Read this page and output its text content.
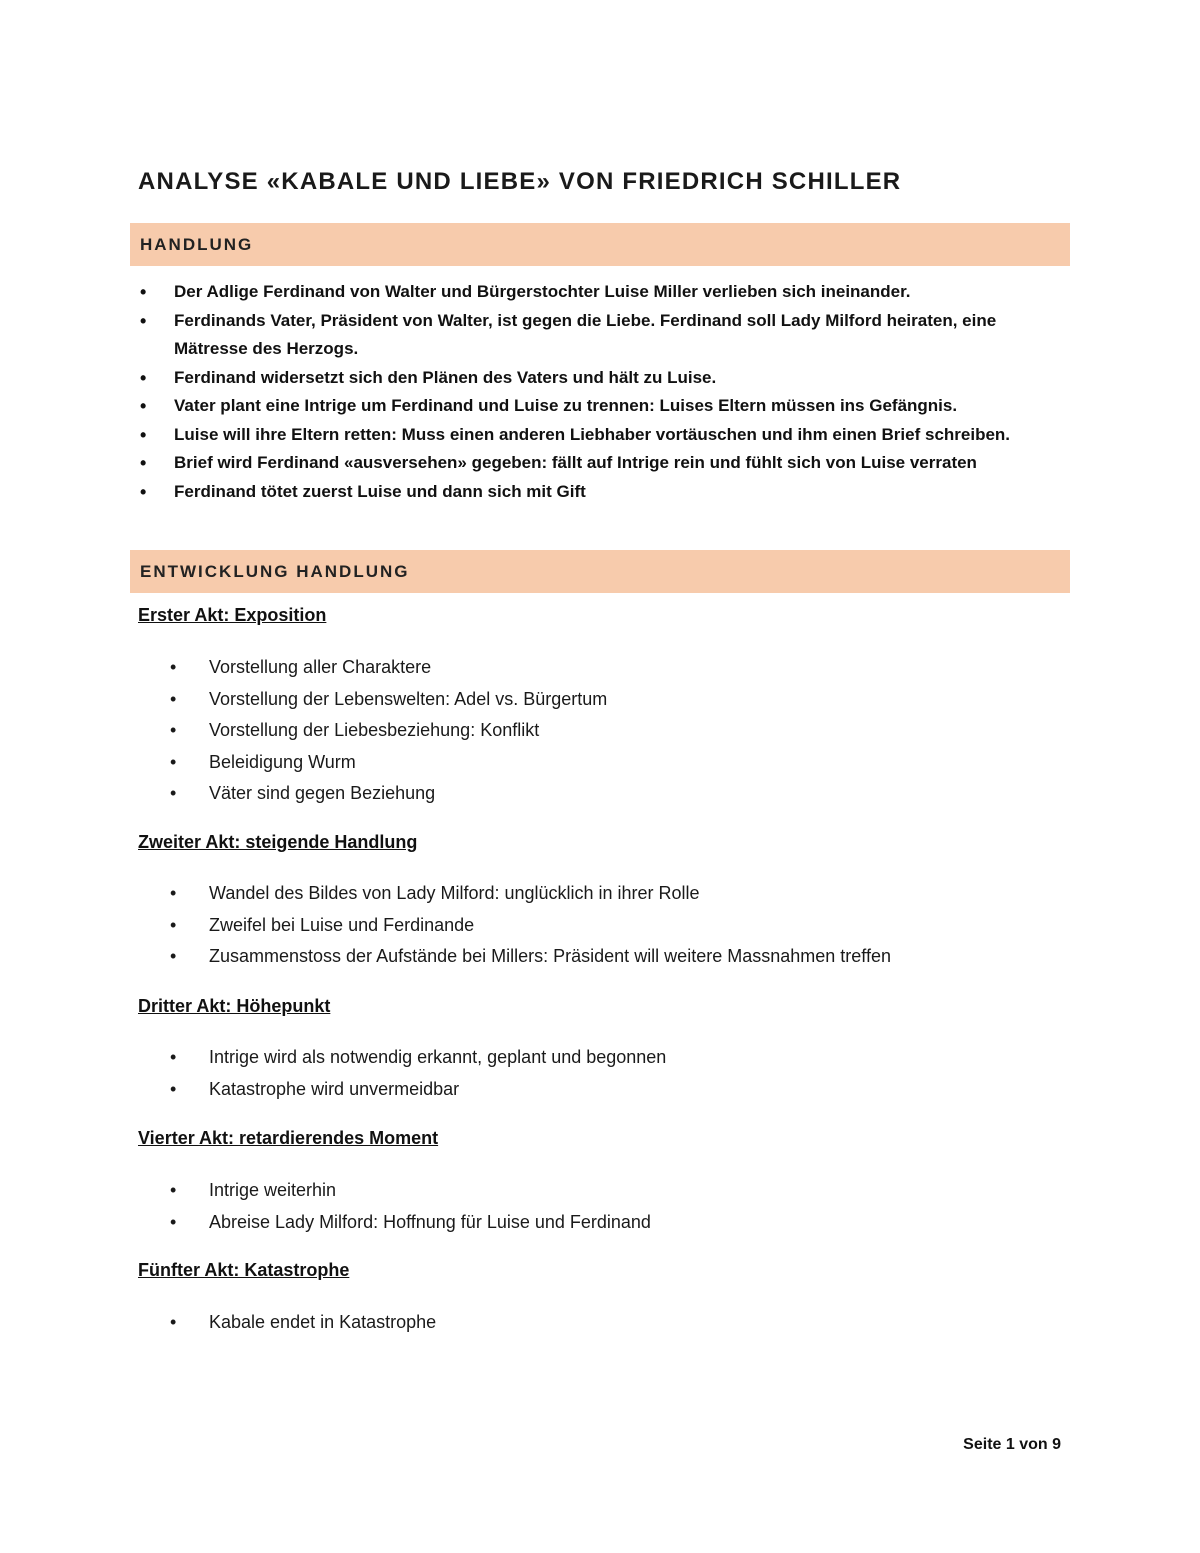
ANALYSE «KABALE UND LIEBE» VON FRIEDRICH SCHILLER
HANDLUNG
• Der Adlige Ferdinand von Walter und Bürgerstochter Luise Miller verlieben sich ineinander.
• Ferdinands Vater, Präsident von Walter, ist gegen die Liebe. Ferdinand soll Lady Milford heiraten, eine Mätresse des Herzogs.
• Ferdinand widersetzt sich den Plänen des Vaters und hält zu Luise.
• Vater plant eine Intrige um Ferdinand und Luise zu trennen: Luises Eltern müssen ins Gefängnis.
• Luise will ihre Eltern retten: Muss einen anderen Liebhaber vortäuschen und ihm einen Brief schreiben.
• Brief wird Ferdinand «ausversehen» gegeben: fällt auf Intrige rein und fühlt sich von Luise verraten
• Ferdinand tötet zuerst Luise und dann sich mit Gift
ENTWICKLUNG HANDLUNG
Erster Akt: Exposition
• Vorstellung aller Charaktere
• Vorstellung der Lebenswelten: Adel vs. Bürgertum
• Vorstellung der Liebesbeziehung: Konflikt
• Beleidigung Wurm
• Väter sind gegen Beziehung
Zweiter Akt: steigende Handlung
• Wandel des Bildes von Lady Milford: unglücklich in ihrer Rolle
• Zweifel bei Luise und Ferdinande
• Zusammenstoss der Aufstände bei Millers: Präsident will weitere Massnahmen treffen
Dritter Akt: Höhepunkt
• Intrige wird als notwendig erkannt, geplant und begonnen
• Katastrophe wird unvermeidbar
Vierter Akt: retardierendes Moment
• Intrige weiterhin
• Abreise Lady Milford: Hoffnung für Luise und Ferdinand
Fünfter Akt: Katastrophe
• Kabale endet in Katastrophe
Seite 1 von 9
